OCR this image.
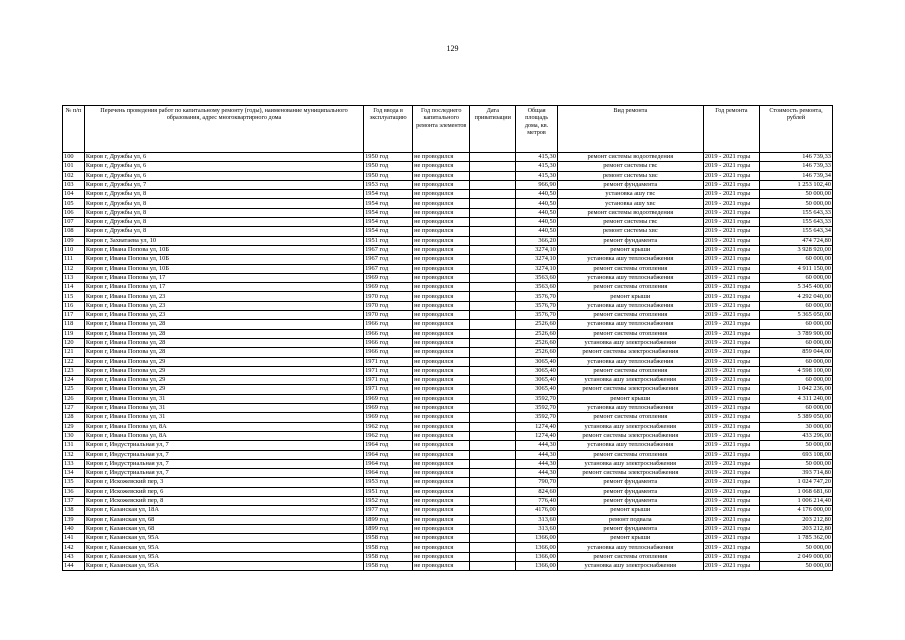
129
№ п/п	Перечень проведения работ по капитальному ремонту (годы), наименование муниципального образования, адрес многоквартирного дома	Год ввода в эксплуатацию	Год последнего капитального ремонта элементов	Дата приватизации	Общая площадь дома, кв. метров	Вид ремонта	Год ремонта	Стоимость ремонта, рублей
100	Киров г, Дружбы ул, 6	1950 год	не проводился		415,30	ремонт системы водоотведения	2019 - 2021 годы	146 739,33
101	Киров г, Дружбы ул, 6	1950 год	не проводился		415,30	ремонт системы гвс	2019 - 2021 годы	146 739,33
102	Киров г, Дружбы ул, 6	1950 год	не проводился		415,30	ремонт системы хвс	2019 - 2021 годы	146 739,34
103	Киров г, Дружбы ул, 7	1953 год	не проводился		966,90	ремонт фундамента	2019 - 2021 годы	1 253 102,40
104	Киров г, Дружбы ул, 8	1954 год	не проводился		440,50	установка ашу гвс	2019 - 2021 годы	50 000,00
105	Киров г, Дружбы ул, 8	1954 год	не проводился		440,50	установка ашу хвс	2019 - 2021 годы	50 000,00
106	Киров г, Дружбы ул, 8	1954 год	не проводился		440,50	ремонт системы водоотведения	2019 - 2021 годы	155 643,33
107	Киров г, Дружбы ул, 8	1954 год	не проводился		440,50	ремонт системы гвс	2019 - 2021 годы	155 643,33
108	Киров г, Дружбы ул, 8	1954 год	не проводился		440,50	ремонт системы хвс	2019 - 2021 годы	155 643,34
109	Киров г, Захватаева ул, 10	1951 год	не проводился		366,20	ремонт фундамента	2019 - 2021 годы	474 724,80
110	Киров г, Ивана Попова ул, 10Б	1967 год	не проводился		3274,10	ремонт крыши	2019 - 2021 годы	3 928 920,00
111	Киров г, Ивана Попова ул, 10Б	1967 год	не проводился		3274,10	установка ашу теплоснабжения	2019 - 2021 годы	60 000,00
112	Киров г, Ивана Попова ул, 10Б	1967 год	не проводился		3274,10	ремонт системы отопления	2019 - 2021 годы	4 911 150,00
113	Киров г, Ивана Попова ул, 17	1969 год	не проводился		3563,60	установка ашу теплоснабжения	2019 - 2021 годы	60 000,00
114	Киров г, Ивана Попова ул, 17	1969 год	не проводился		3563,60	ремонт системы отопления	2019 - 2021 годы	5 345 400,00
115	Киров г, Ивана Попова ул, 23	1970 год	не проводился		3576,70	ремонт крыши	2019 - 2021 годы	4 292 040,00
116	Киров г, Ивана Попова ул, 23	1970 год	не проводился		3576,70	установка ашу теплоснабжения	2019 - 2021 годы	60 000,00
117	Киров г, Ивана Попова ул, 23	1970 год	не проводился		3576,70	ремонт системы отопления	2019 - 2021 годы	5 365 050,00
118	Киров г, Ивана Попова ул, 28	1966 год	не проводился		2526,60	установка ашу теплоснабжения	2019 - 2021 годы	60 000,00
119	Киров г, Ивана Попова ул, 28	1966 год	не проводился		2526,60	ремонт системы отопления	2019 - 2021 годы	3 789 900,00
120	Киров г, Ивана Попова ул, 28	1966 год	не проводился		2526,60	установка ашу электроснабжения	2019 - 2021 годы	60 000,00
121	Киров г, Ивана Попова ул, 28	1966 год	не проводился		2526,60	ремонт системы электроснабжения	2019 - 2021 годы	859 044,00
122	Киров г, Ивана Попова ул, 29	1971 год	не проводился		3065,40	установка ашу теплоснабжения	2019 - 2021 годы	60 000,00
123	Киров г, Ивана Попова ул, 29	1971 год	не проводился		3065,40	ремонт системы отопления	2019 - 2021 годы	4 598 100,00
124	Киров г, Ивана Попова ул, 29	1971 год	не проводился		3065,40	установка ашу электроснабжения	2019 - 2021 годы	60 000,00
125	Киров г, Ивана Попова ул, 29	1971 год	не проводился		3065,40	ремонт системы электроснабжения	2019 - 2021 годы	1 042 236,00
126	Киров г, Ивана Попова ул, 31	1969 год	не проводился		3592,70	ремонт крыши	2019 - 2021 годы	4 311 240,00
127	Киров г, Ивана Попова ул, 31	1969 год	не проводился		3592,70	установка ашу теплоснабжения	2019 - 2021 годы	60 000,00
128	Киров г, Ивана Попова ул, 31	1969 год	не проводился		3592,70	ремонт системы отопления	2019 - 2021 годы	5 389 050,00
129	Киров г, Ивана Попова ул, 8А	1962 год	не проводился		1274,40	установка ашу электроснабжения	2019 - 2021 годы	30 000,00
130	Киров г, Ивана Попова ул, 8А	1962 год	не проводился		1274,40	ремонт системы электроснабжения	2019 - 2021 годы	433 296,00
131	Киров г, Индустриальная ул, 7	1964 год	не проводился		444,30	установка ашу теплоснабжения	2019 - 2021 годы	50 000,00
132	Киров г, Индустриальная ул, 7	1964 год	не проводился		444,30	ремонт системы отопления	2019 - 2021 годы	693 108,00
133	Киров г, Индустриальная ул, 7	1964 год	не проводился		444,30	установка ашу электроснабжения	2019 - 2021 годы	50 000,00
134	Киров г, Индустриальная ул, 7	1964 год	не проводился		444,30	ремонт системы электроснабжения	2019 - 2021 годы	393 714,80
135	Киров г, Искожевский пер, 3	1953 год	не проводился		790,70	ремонт фундамента	2019 - 2021 годы	1 024 747,20
136	Киров г, Искожевский пер, 6	1951 год	не проводился		824,60	ремонт фундамента	2019 - 2021 годы	1 068 681,60
137	Киров г, Искожевский пер, 8	1952 год	не проводился		776,40	ремонт фундамента	2019 - 2021 годы	1 006 214,40
138	Киров г, Казанская ул, 18А	1977 год	не проводился		4176,00	ремонт крыши	2019 - 2021 годы	4 176 000,00
139	Киров г, Казанская ул, 68	1899 год	не проводился		313,60	ремонт подвала	2019 - 2021 годы	203 212,80
140	Киров г, Казанская ул, 68	1899 год	не проводился		313,60	ремонт фундамента	2019 - 2021 годы	203 212,80
141	Киров г, Казанская ул, 95А	1958 год	не проводился		1366,00	ремонт крыши	2019 - 2021 годы	1 785 362,00
142	Киров г, Казанская ул, 95А	1958 год	не проводился		1366,00	установка ашу теплоснабжения	2019 - 2021 годы	50 000,00
143	Киров г, Казанская ул, 95А	1958 год	не проводился		1366,00	ремонт системы отопления	2019 - 2021 годы	2 049 000,00
144	Киров г, Казанская ул, 95А	1958 год	не проводился		1366,00	установка ашу электроснабжения	2019 - 2021 годы	50 000,00
